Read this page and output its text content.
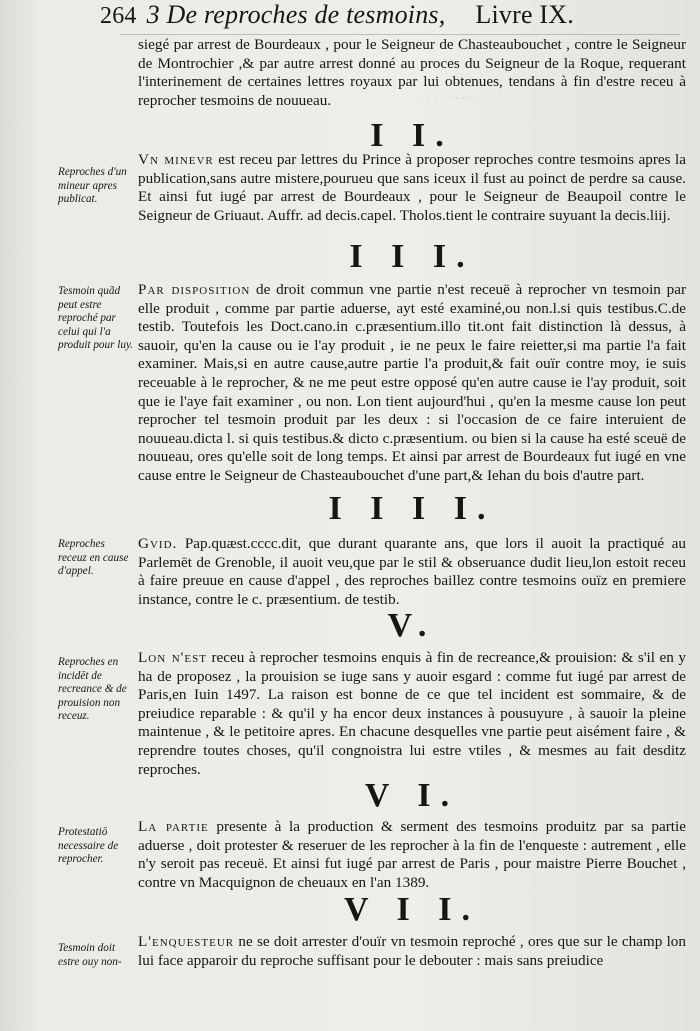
264 3 De reproches de tesmoins, Livre IX.
· · · · · · · · ·

siegé par arrest de Bourdeaux , pour le Seigneur de Chasteaubouchet , contre le Seigneur de Montrochier ,& par autre arrest donné au proces du Seigneur de la Roque, requerant l'interinement de certaines lettres royaux par lui obtenues, tendans à fin d'estre receu à reprocher tesmoins de nouueau.

I I.
Reproches d'un mineur apres publicat.

Vn minevr est receu par lettres du Prince à proposer reproches contre tesmoins apres la publication,sans autre mistere,pourueu que sans iceux il fust au poinct de perdre sa cause. Et ainsi fut iugé par arrest de Bourdeaux , pour le Seigneur de Beaupoil contre le Seigneur de Griuaut. Auffr. ad decis.capel. Tholos.tient le contraire suyuant la decis.liij.

I I I.
Tesmoin quãd peut estre reproché par celui qui l'a produit pour luy.

Par disposition de droit commun vne partie n'est receuë à reprocher vn tesmoin par elle produit , comme par partie aduerse, ayt esté examiné,ou non.l.si quis testibus.C.de testib. Toutefois les Doct.cano.in c.præsentium.illo tit.ont fait distinction là dessus, à sauoir, qu'en la cause ou ie l'ay produit , ie ne peux le faire reietter,si ma partie l'a fait examiner. Mais,si en autre cause,autre partie l'a produit,& fait ouïr contre moy, ie suis receuable à le reprocher, & ne me peut estre opposé qu'en autre cause ie l'ay produit, soit que ie l'aye fait examiner , ou non. Lon tient aujourd'hui , qu'en la mesme cause lon peut reprocher tel tesmoin produit par les deux : si l'occasion de ce faire interuient de nouueau.dicta l. si quis testibus.& dicto c.præsentium. ou bien si la cause ha esté sceuë de nouueau, ores qu'elle soit de long temps. Et ainsi par arrest de Bourdeaux fut iugé en vne cause entre le Seigneur de Chasteaubouchet d'une part,& Iehan du bois d'autre part.

I I I I.
Reproches receuz en cause d'appel.

Gvid. Pap.quæst.cccc.dit, que durant quarante ans, que lors il auoit la practiqué au Parlemēt de Grenoble, il auoit veu,que par le stil & obseruance dudit lieu,lon estoit receu à faire preuue en cause d'appel , des reproches baillez contre tesmoins ouïz en premiere instance, contre le c. præsentium. de testib.

V.
Reproches en incidēt de recreance & de prouision non receuz.

Lon n'est receu à reprocher tesmoins enquis à fin de recreance,& prouision: & s'il en y ha de proposez , la prouision se iuge sans y auoir esgard : comme fut iugé par arrest de Paris,en Iuin 1497. La raison est bonne de ce que tel incident est sommaire, & de preiudice reparable : & qu'il y ha encor deux instances à pousuyure , à sauoir la pleine maintenue , & le petitoire apres. En chacune desquelles vne partie peut aisément faire , & reprendre toutes choses, qu'il congnoistra lui estre vtiles , & mesmes au fait desditz reproches.

V I.
Protestatiō necessaire de reprocher.

La partie presente à la production & serment des tesmoins produitz par sa partie aduerse , doit protester & reseruer de les reprocher à la fin de l'enqueste : autrement , elle n'y seroit pas receuë. Et ainsi fut iugé par arrest de Paris , pour maistre Pierre Bouchet , contre vn Macquignon de cheuaux en l'an 1389.

V I I.
Tesmoin doit estre ouy non-

L'enquesteur ne se doit arrester d'ouïr vn tesmoin reproché , ores que sur le champ lon lui face apparoir du reproche suffisant pour le debouter : mais sans preiudice
